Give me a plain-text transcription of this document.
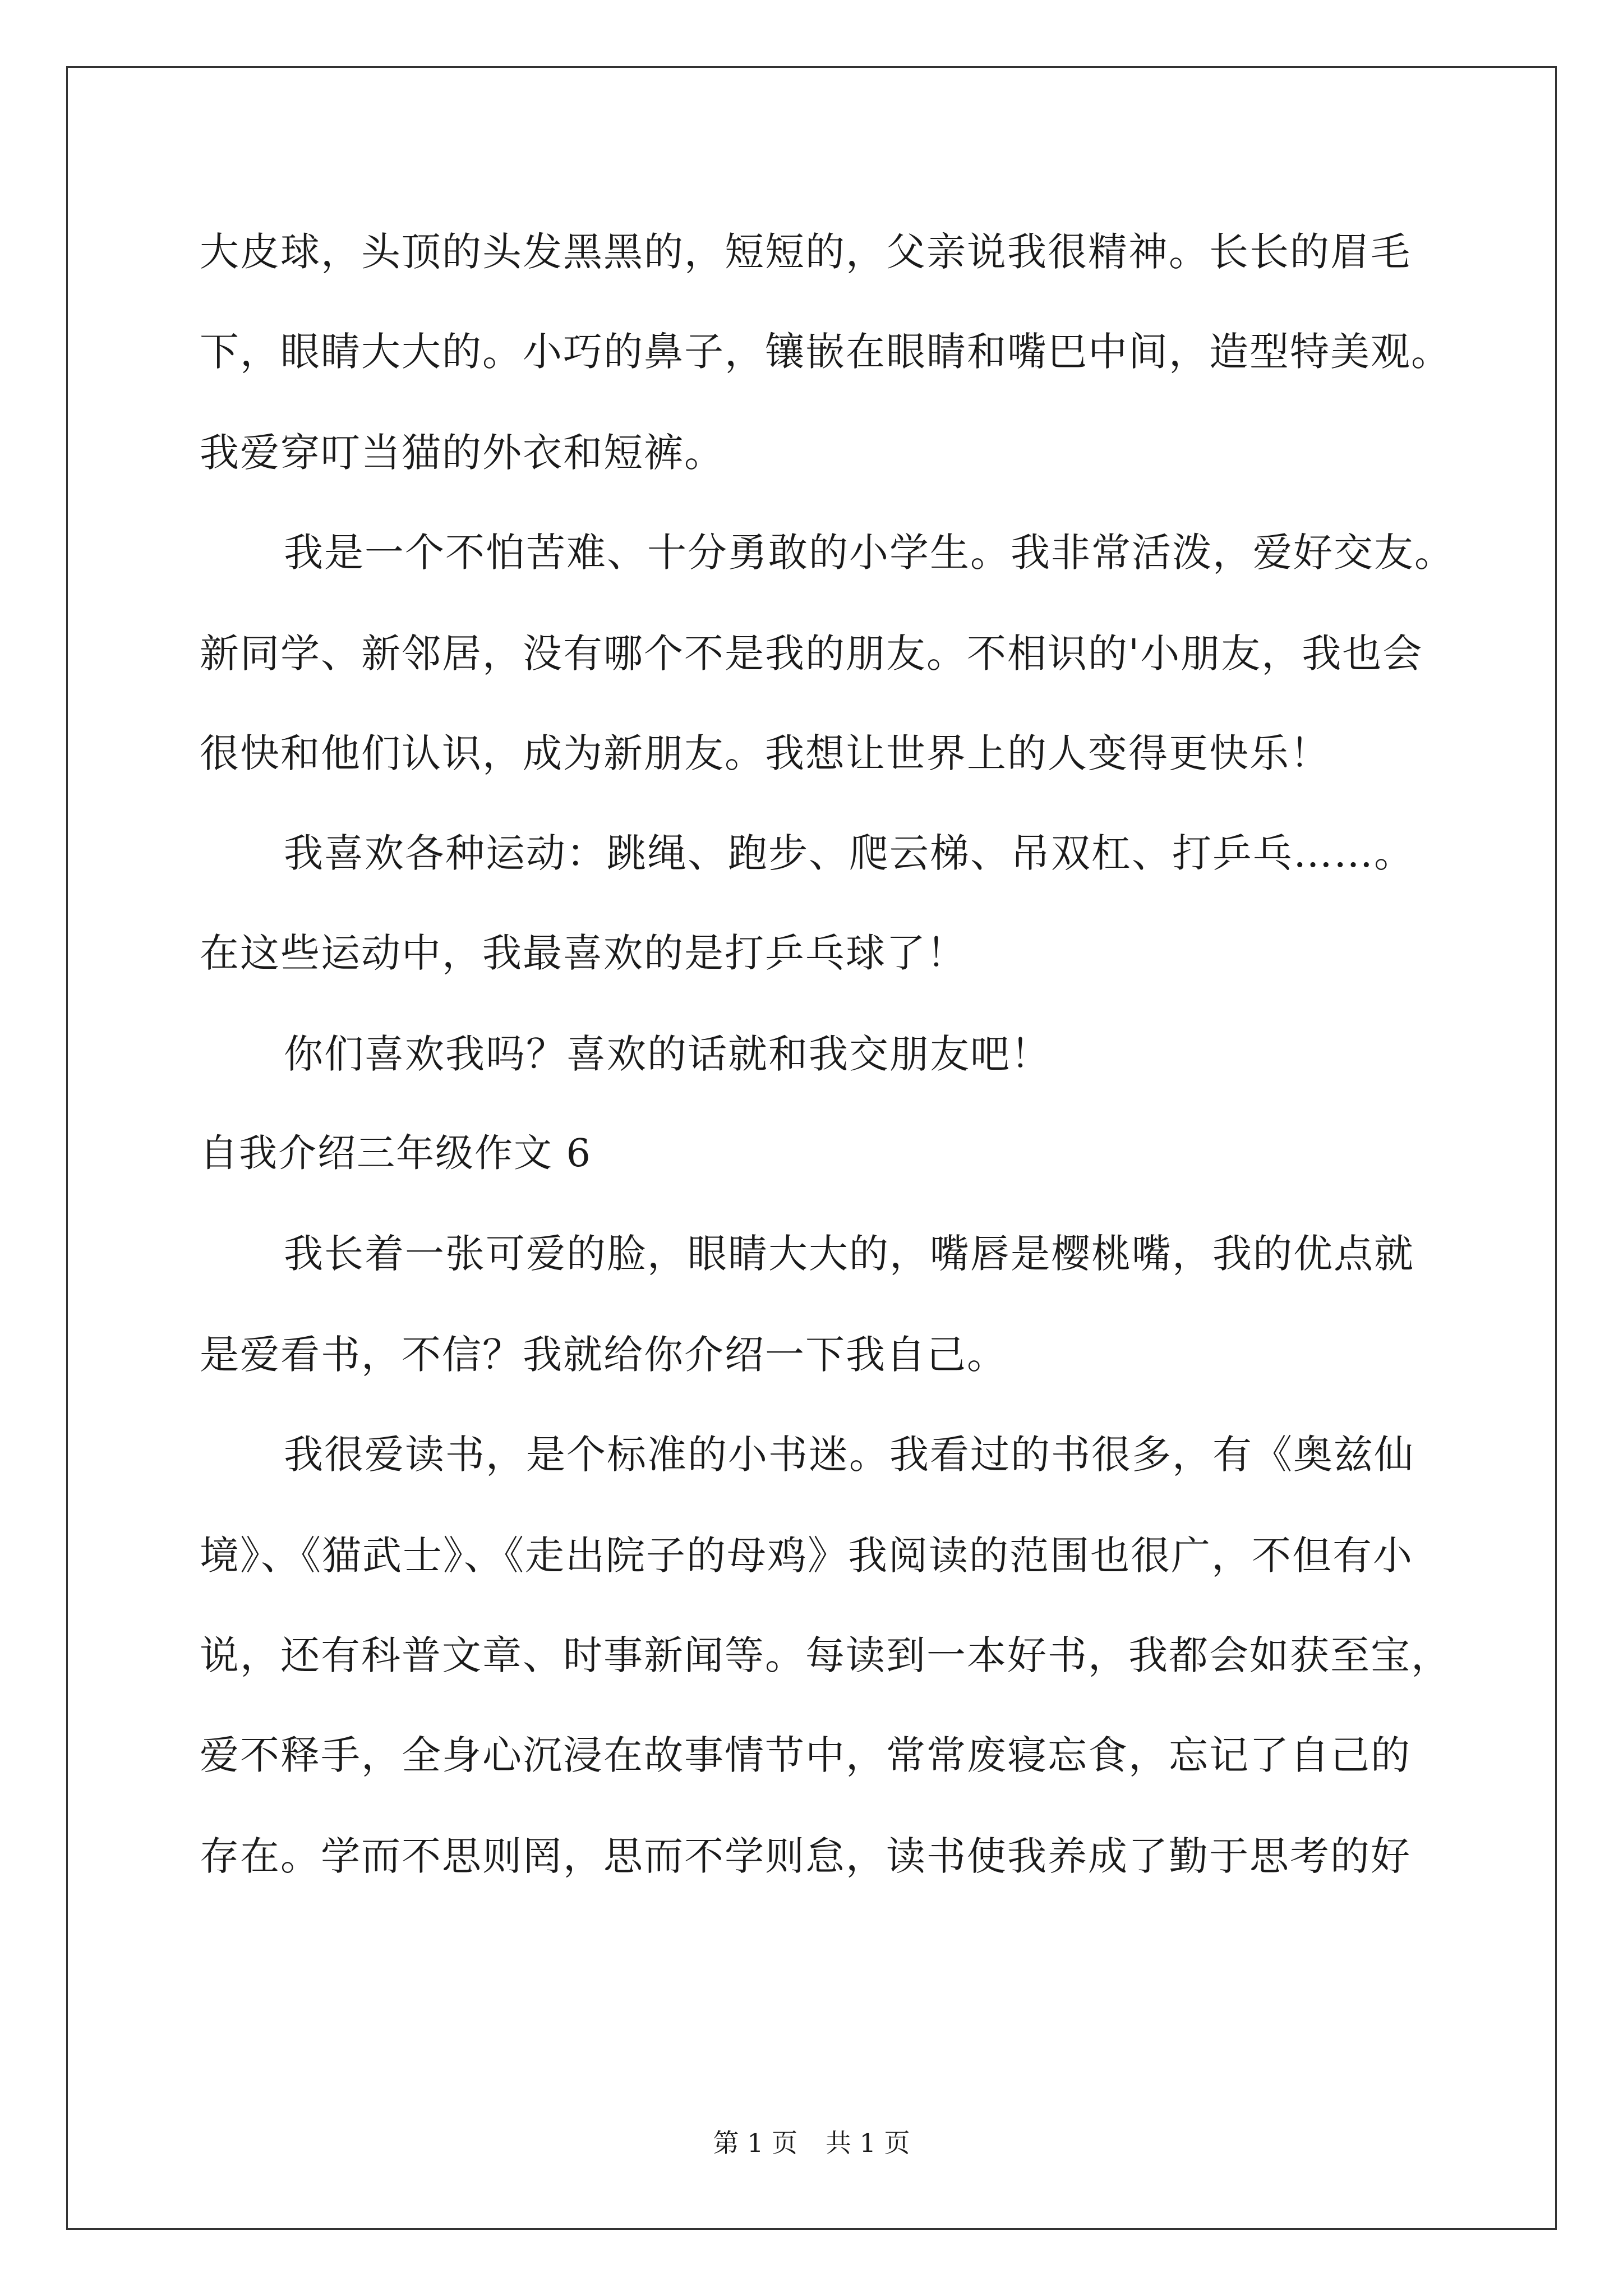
大皮球，头顶的头发黑黑的，短短的，父亲说我很精神。长长的眉毛
下，眼睛大大的。小巧的鼻子，镶嵌在眼睛和嘴巴中间，造型特美观。
我爱穿叮当猫的外衣和短裤。
我是一个不怕苦难、十分勇敢的小学生。我非常活泼，爱好交友。
新同学、新邻居，没有哪个不是我的朋友。不相识的'小朋友，我也会
很快和他们认识，成为新朋友。我想让世界上的人变得更快乐！
我喜欢各种运动：跳绳、跑步、爬云梯、吊双杠、打乒乓……。
在这些运动中，我最喜欢的是打乒乓球了！
你们喜欢我吗？喜欢的话就和我交朋友吧！
自我介绍三年级作文 6
我长着一张可爱的脸，眼睛大大的，嘴唇是樱桃嘴，我的优点就
是爱看书，不信？我就给你介绍一下我自己。
我很爱读书，是个标准的小书迷。我看过的书很多，有《奥兹仙
境》、《猫武士》、《走出院子的母鸡》我阅读的范围也很广，不但有小
说，还有科普文章、时事新闻等。每读到一本好书，我都会如获至宝，
爱不释手，全身心沉浸在故事情节中，常常废寝忘食，忘记了自己的
存在。学而不思则罔，思而不学则怠，读书使我养成了勤于思考的好
第 1 页 共 1 页
